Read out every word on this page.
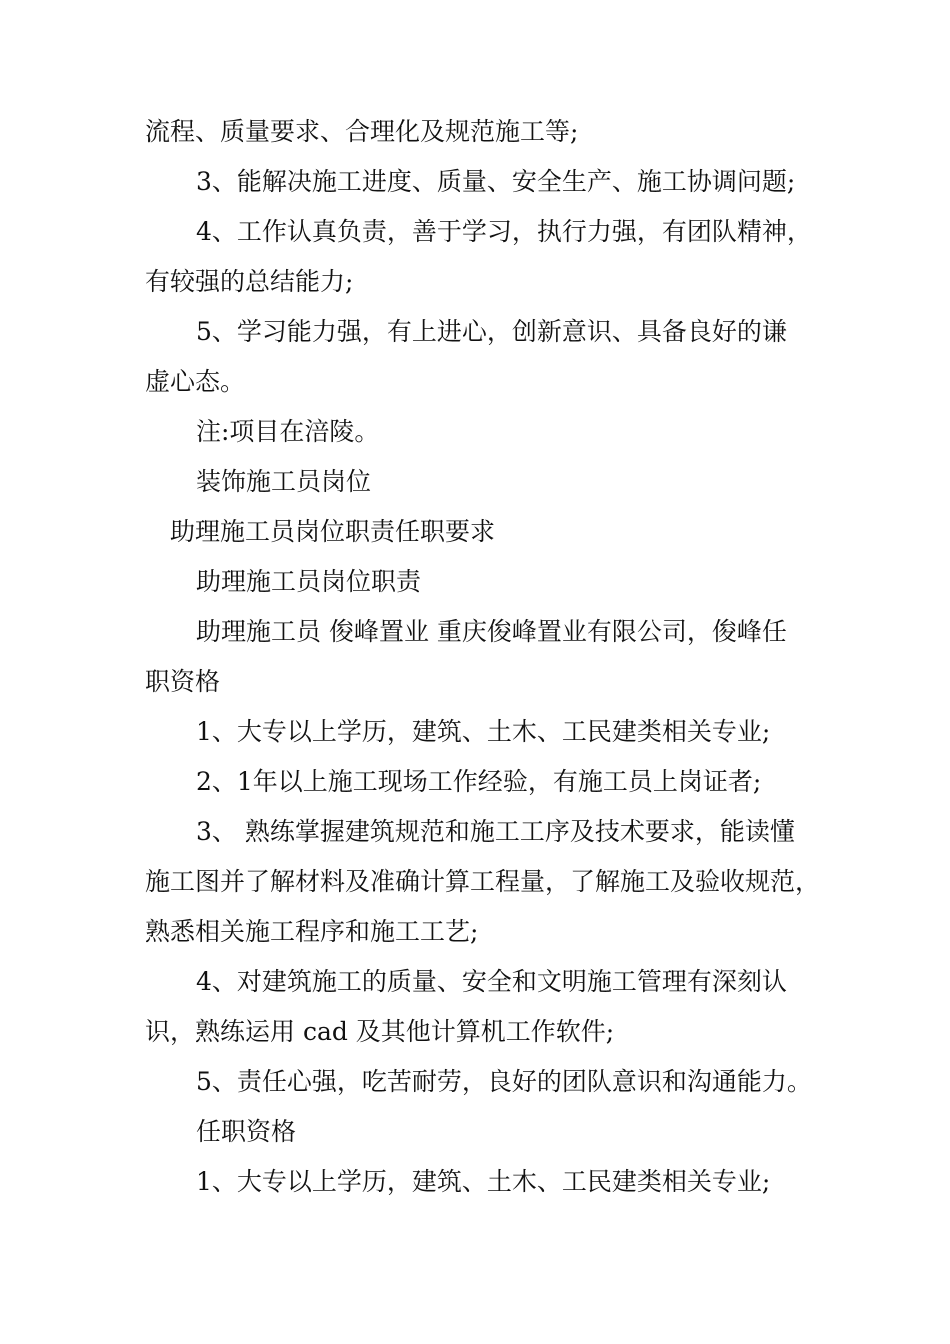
流程、质量要求、合理化及规范施工等;
3、能解决施工进度、质量、安全生产、施工协调问题;
4、工作认真负责，善于学习，执行力强，有团队精神，
有较强的总结能力;
5、学习能力强，有上进心，创新意识、具备良好的谦
虚心态。
注:项目在涪陵。
装饰施工员岗位
助理施工员岗位职责任职要求
助理施工员岗位职责
助理施工员 俊峰置业 重庆俊峰置业有限公司，俊峰任
职资格
1、大专以上学历，建筑、土木、工民建类相关专业;
2、1年以上施工现场工作经验，有施工员上岗证者;
3、 熟练掌握建筑规范和施工工序及技术要求，能读懂
施工图并了解材料及准确计算工程量，了解施工及验收规范，
熟悉相关施工程序和施工工艺;
4、对建筑施工的质量、安全和文明施工管理有深刻认
识，熟练运用 cad 及其他计算机工作软件;
5、责任心强，吃苦耐劳，良好的团队意识和沟通能力。
任职资格
1、大专以上学历，建筑、土木、工民建类相关专业;
